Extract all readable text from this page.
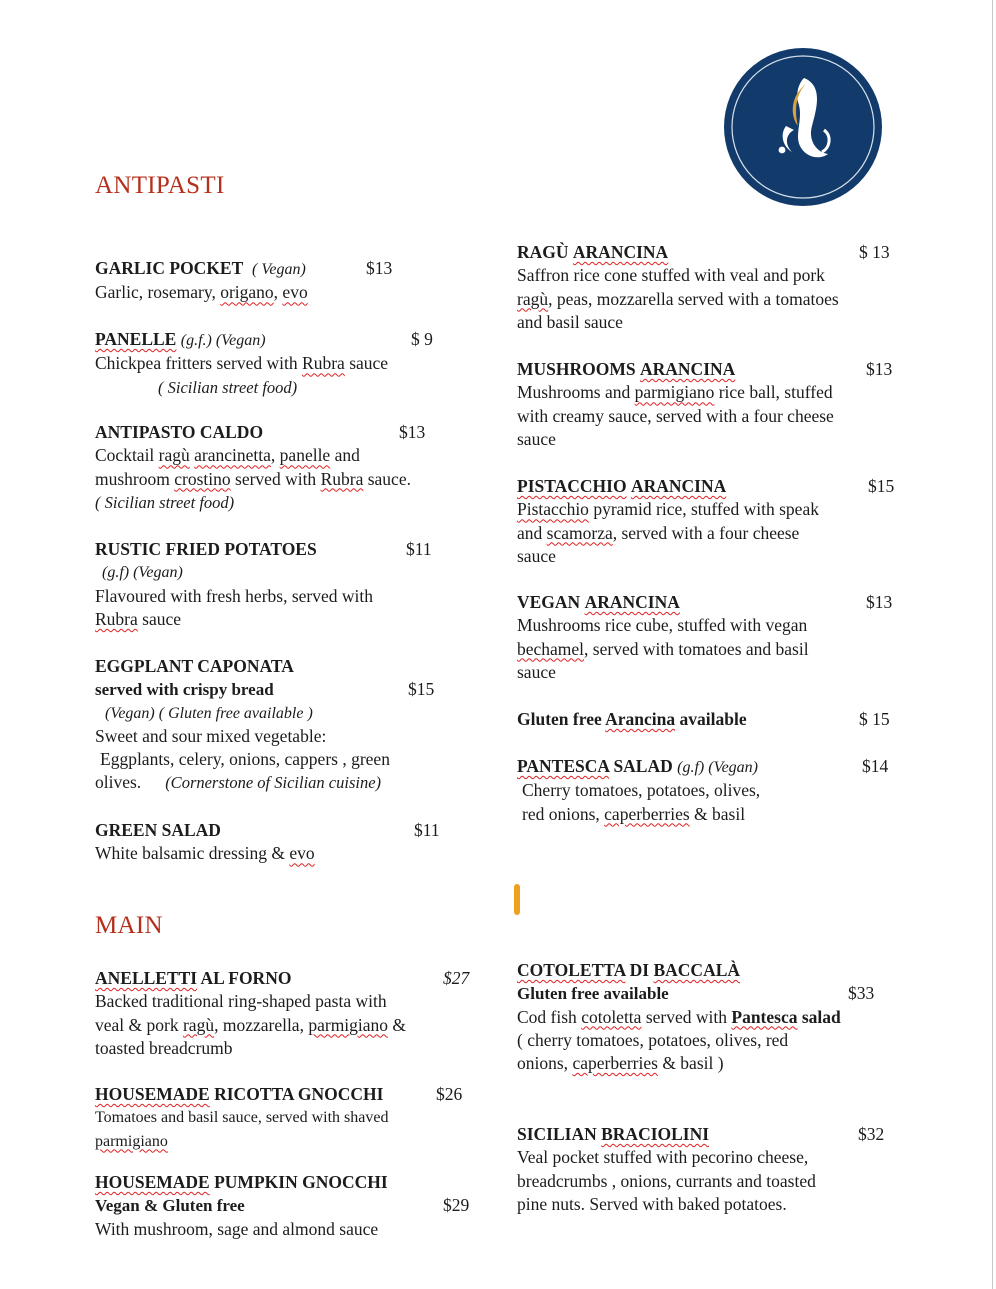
ANTIPASTI
GARLIC POCKET ( Vegan)	$13
Garlic, rosemary, origano, evo
PANELLE (g.f.) (Vegan)	$ 9
Chickpea fritters served with Rubra sauce
( Sicilian street food)
ANTIPASTO CALDO	$13
Cocktail ragù arancinetta, panelle and
mushroom crostino served with Rubra sauce.
( Sicilian street food)
RUSTIC FRIED POTATOES	$11
(g.f) (Vegan)
Flavoured with fresh herbs, served with
Rubra sauce
EGGPLANT CAPONATA
served with crispy bread	$15
(Vegan) ( Gluten free available )
Sweet and sour mixed vegetable:
Eggplants, celery, onions, cappers , green
olives. (Cornerstone of Sicilian cuisine)
GREEN SALAD	$11
White balsamic dressing & evo
RAGÙ ARANCINA	$ 13
Saffron rice cone stuffed with veal and pork
ragù, peas, mozzarella served with a tomatoes
and basil sauce
MUSHROOMS ARANCINA	$13
Mushrooms and parmigiano rice ball, stuffed
with creamy sauce, served with a four cheese
sauce
PISTACCHIO ARANCINA	$15
Pistacchio pyramid rice, stuffed with speak
and scamorza, served with a four cheese
sauce
VEGAN ARANCINA	$13
Mushrooms rice cube, stuffed with vegan
bechamel, served with tomatoes and basil
sauce
Gluten free Arancina available	$ 15
PANTESCA SALAD (g.f) (Vegan)	$14
Cherry tomatoes, potatoes, olives,
red onions, caperberries & basil
MAIN
ANELLETTI AL FORNO	$27
Backed traditional ring-shaped pasta with
veal & pork ragù, mozzarella, parmigiano &
toasted breadcrumb
HOUSEMADE RICOTTA GNOCCHI	$26
Tomatoes and basil sauce, served with shaved
parmigiano
HOUSEMADE PUMPKIN GNOCCHI
Vegan & Gluten free	$29
With mushroom, sage and almond sauce
COTOLETTA DI BACCALÀ
Gluten free available	$33
Cod fish cotoletta served with Pantesca salad
( cherry tomatoes, potatoes, olives, red
onions, caperberries & basil )
SICILIAN BRACIOLINI	$32
Veal pocket stuffed with pecorino cheese,
breadcrumbs , onions, currants and toasted
pine nuts. Served with baked potatoes.
